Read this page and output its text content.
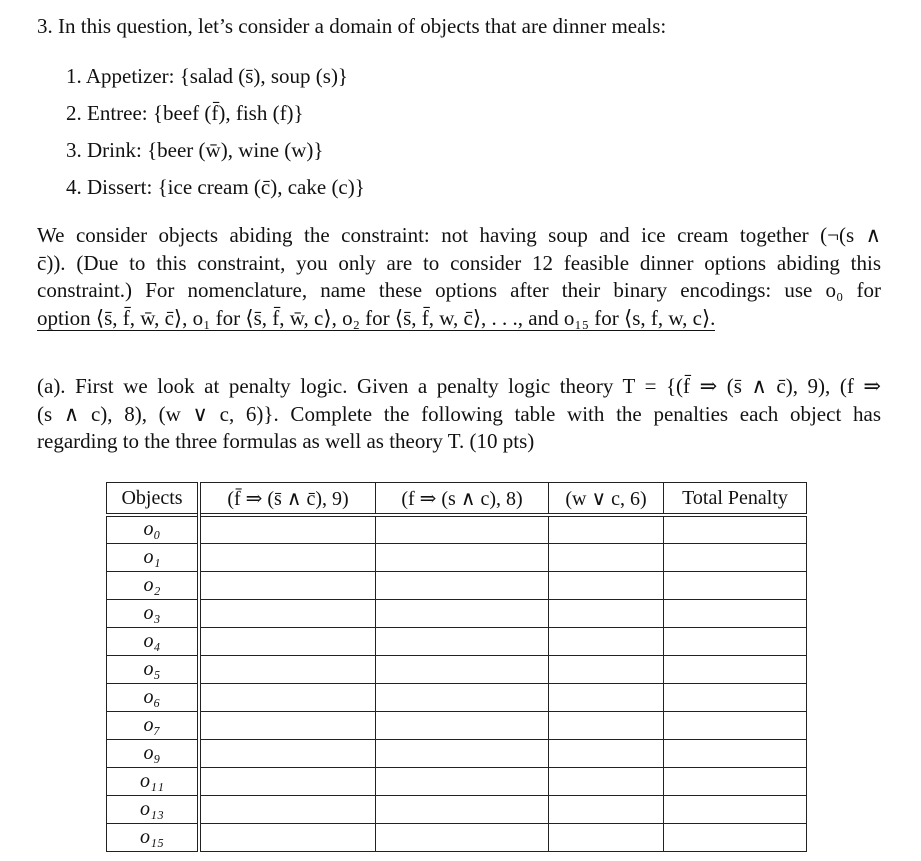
3. In this question, let’s consider a domain of objects that are dinner meals:
1. Appetizer: {salad (s̄), soup (s)}
2. Entree: {beef (f̄), fish (f)}
3. Drink: {beer (w̄), wine (w)}
4. Dissert: {ice cream (c̄), cake (c)}
We consider objects abiding the constraint: not having soup and ice cream together (¬(s ∧
c̄)). (Due to this constraint, you only are to consider 12 feasible dinner options abiding this
constraint.) For nomenclature, name these options after their binary encodings: use o₀ for
option ⟨s̄, f̄, w̄, c̄⟩, o₁ for ⟨s̄, f̄, w̄, c⟩, o₂ for ⟨s̄, f̄, w, c̄⟩, . . ., and o₁₅ for ⟨s, f, w, c⟩.
(a). First we look at penalty logic. Given a penalty logic theory T = {(f̄ ⇒ (s̄ ∧ c̄), 9), (f ⇒
(s ∧ c), 8), (w ∨ c, 6)}. Complete the following table with the penalties each object has
regarding to the three formulas as well as theory T. (10 pts)
Objects	(f̄ ⇒ (s̄ ∧ c̄), 9)	(f ⇒ (s ∧ c), 8)	(w ∨ c, 6)	Total Penalty
o₀				
o₁				
o₂				
o₃				
o₄				
o₅				
o₆				
o₇				
o₉				
o₁₁				
o₁₃				
o₁₅				
